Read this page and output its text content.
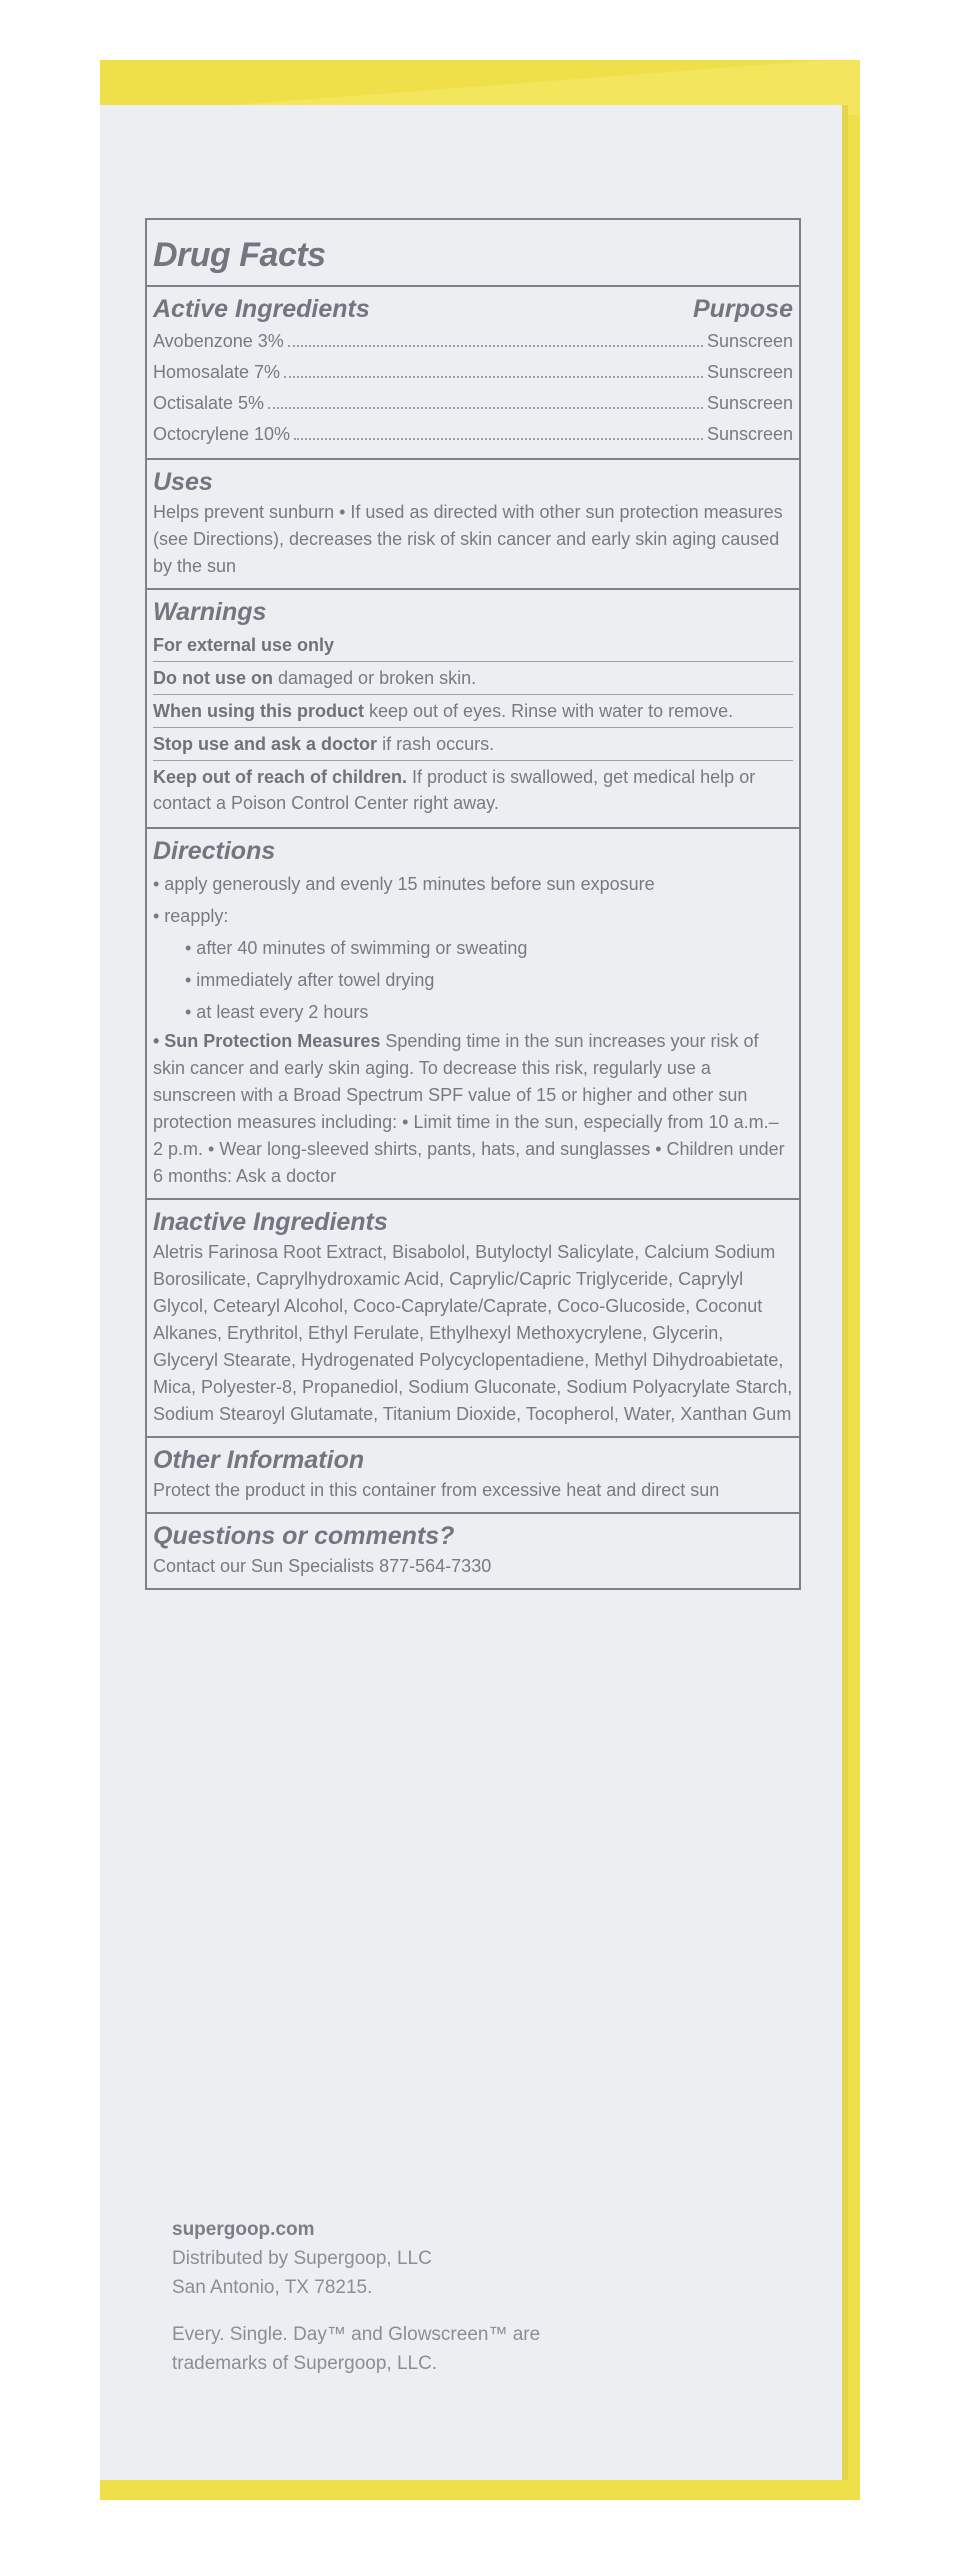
Drug Facts
Active Ingredients	Purpose
Avobenzone 3%	Sunscreen
Homosalate 7%	Sunscreen
Octisalate 5%	Sunscreen
Octocrylene 10%	Sunscreen
Uses
Helps prevent sunburn • If used as directed with other sun protection measures (see Directions), decreases the risk of skin cancer and early skin aging caused by the sun
Warnings
For external use only
Do not use on damaged or broken skin.
When using this product keep out of eyes. Rinse with water to remove.
Stop use and ask a doctor if rash occurs.
Keep out of reach of children. If product is swallowed, get medical help or contact a Poison Control Center right away.
Directions
• apply generously and evenly 15 minutes before sun exposure
• reapply:
• after 40 minutes of swimming or sweating
• immediately after towel drying
• at least every 2 hours
• Sun Protection Measures Spending time in the sun increases your risk of skin cancer and early skin aging. To decrease this risk, regularly use a sunscreen with a Broad Spectrum SPF value of 15 or higher and other sun protection measures including: • Limit time in the sun, especially from 10 a.m.– 2 p.m. • Wear long-sleeved shirts, pants, hats, and sunglasses • Children under 6 months: Ask a doctor
Inactive Ingredients
Aletris Farinosa Root Extract, Bisabolol, Butyloctyl Salicylate, Calcium Sodium Borosilicate, Caprylhydroxamic Acid, Caprylic/Capric Triglyceride, Caprylyl Glycol, Cetearyl Alcohol, Coco-Caprylate/Caprate, Coco-Glucoside, Coconut Alkanes, Erythritol, Ethyl Ferulate, Ethylhexyl Methoxycrylene, Glycerin, Glyceryl Stearate, Hydrogenated Polycyclopentadiene, Methyl Dihydroabietate, Mica, Polyester-8, Propanediol, Sodium Gluconate, Sodium Polyacrylate Starch, Sodium Stearoyl Glutamate, Titanium Dioxide, Tocopherol, Water, Xanthan Gum
Other Information
Protect the product in this container from excessive heat and direct sun
Questions or comments?
Contact our Sun Specialists 877-564-7330
supergoop.com
Distributed by Supergoop, LLC
San Antonio, TX 78215.
Every. Single. Day™ and Glowscreen™ are
trademarks of Supergoop, LLC.
